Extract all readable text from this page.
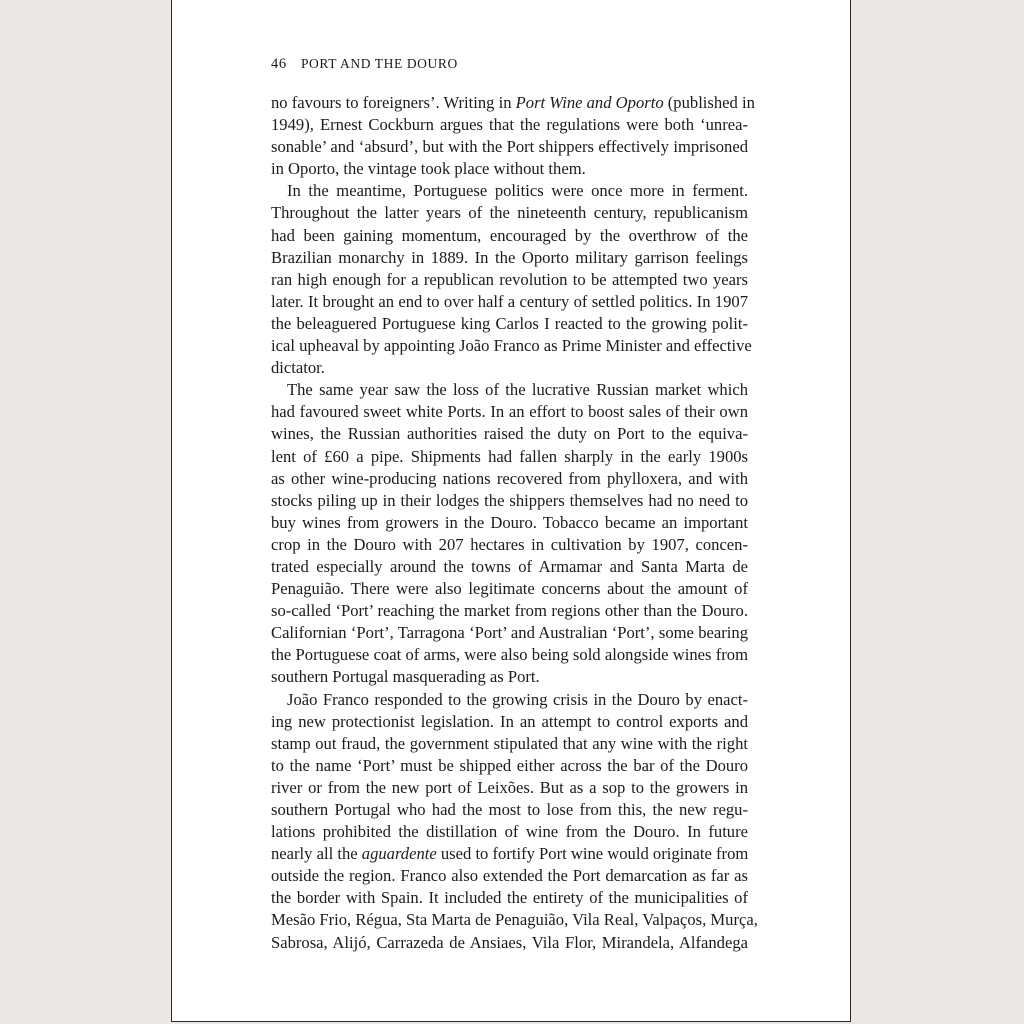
46 PORT AND THE DOURO
no favours to foreigners’. Writing in Port Wine and Oporto (published in
1949), Ernest Cockburn argues that the regulations were both ‘unrea-
sonable’ and ‘absurd’, but with the Port shippers effectively imprisoned
in Oporto, the vintage took place without them.
In the meantime, Portuguese politics were once more in ferment.
Throughout the latter years of the nineteenth century, republicanism
had been gaining momentum, encouraged by the overthrow of the
Brazilian monarchy in 1889. In the Oporto military garrison feelings
ran high enough for a republican revolution to be attempted two years
later. It brought an end to over half a century of settled politics. In 1907
the beleaguered Portuguese king Carlos I reacted to the growing polit-
ical upheaval by appointing João Franco as Prime Minister and effective
dictator.
The same year saw the loss of the lucrative Russian market which
had favoured sweet white Ports. In an effort to boost sales of their own
wines, the Russian authorities raised the duty on Port to the equiva-
lent of £60 a pipe. Shipments had fallen sharply in the early 1900s
as other wine-producing nations recovered from phylloxera, and with
stocks piling up in their lodges the shippers themselves had no need to
buy wines from growers in the Douro. Tobacco became an important
crop in the Douro with 207 hectares in cultivation by 1907, concen-
trated especially around the towns of Armamar and Santa Marta de
Penaguião. There were also legitimate concerns about the amount of
so-called ‘Port’ reaching the market from regions other than the Douro.
Californian ‘Port’, Tarragona ‘Port’ and Australian ‘Port’, some bearing
the Portuguese coat of arms, were also being sold alongside wines from
southern Portugal masquerading as Port.
João Franco responded to the growing crisis in the Douro by enact-
ing new protectionist legislation. In an attempt to control exports and
stamp out fraud, the government stipulated that any wine with the right
to the name ‘Port’ must be shipped either across the bar of the Douro
river or from the new port of Leixões. But as a sop to the growers in
southern Portugal who had the most to lose from this, the new regu-
lations prohibited the distillation of wine from the Douro. In future
nearly all the aguardente used to fortify Port wine would originate from
outside the region. Franco also extended the Port demarcation as far as
the border with Spain. It included the entirety of the municipalities of
Mesão Frio, Régua, Sta Marta de Penaguião, Vila Real, Valpaços, Murça,
Sabrosa, Alijó, Carrazeda de Ansiaes, Vila Flor, Mirandela, Alfandega
